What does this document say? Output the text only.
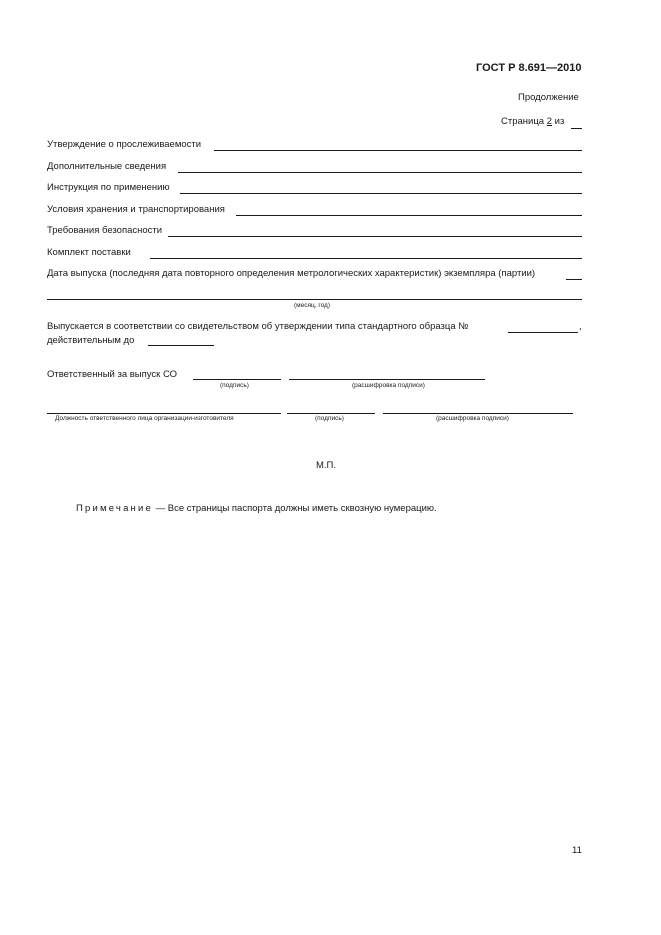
ГОСТ Р 8.691—2010
Продолжение
Страница 2 из
Утверждение о прослеживаемости
Дополнительные сведения
Инструкция по применению
Условия хранения и транспортирования
Требования безопасности
Комплект поставки
Дата выпуска (последняя дата повторного определения метрологических характеристик) экземпляра (партии)
(месяц, год)
Выпускается в соответствии со свидетельством об утверждении типа стандартного образца №	,
действительным до
Ответственный за выпуск СО
(подпись)	(расшифровка подписи)
Должность ответственного лица организации-изготовителя	(подпись)	(расшифровка подписи)
М.П.
Примечание — Все страницы паспорта должны иметь сквозную нумерацию.
11
